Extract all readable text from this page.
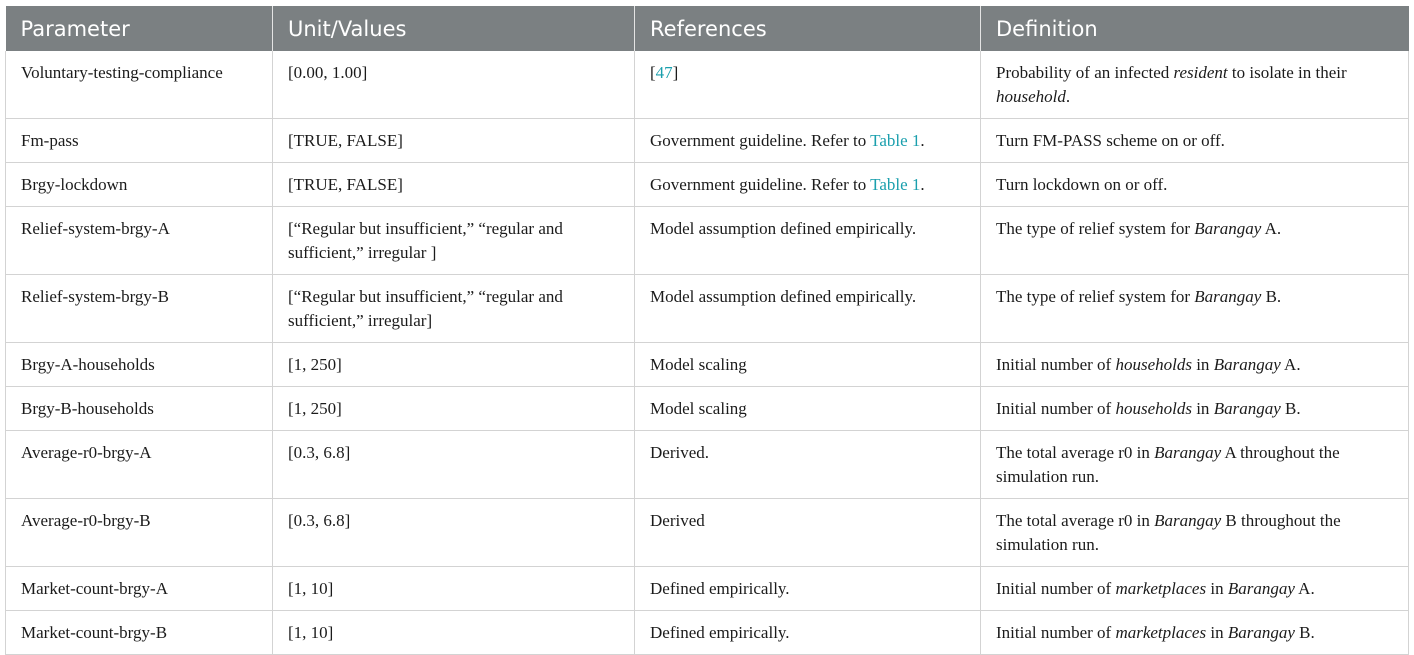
Parameter	Unit/Values	References	Definition
Voluntary-testing-compliance	[0.00, 1.00]	[47]	Probability of an infected resident to isolate in their household.
Fm-pass	[TRUE, FALSE]	Government guideline. Refer to Table 1.	Turn FM-PASS scheme on or off.
Brgy-lockdown	[TRUE, FALSE]	Government guideline. Refer to Table 1.	Turn lockdown on or off.
Relief-system-brgy-A	[“Regular but insufficient,” “regular and sufficient,” irregular ]	Model assumption defined empirically.	The type of relief system for Barangay A.
Relief-system-brgy-B	[“Regular but insufficient,” “regular and sufficient,” irregular]	Model assumption defined empirically.	The type of relief system for Barangay B.
Brgy-A-households	[1, 250]	Model scaling	Initial number of households in Barangay A.
Brgy-B-households	[1, 250]	Model scaling	Initial number of households in Barangay B.
Average-r0-brgy-A	[0.3, 6.8]	Derived.	The total average r0 in Barangay A throughout the simulation run.
Average-r0-brgy-B	[0.3, 6.8]	Derived	The total average r0 in Barangay B throughout the simulation run.
Market-count-brgy-A	[1, 10]	Defined empirically.	Initial number of marketplaces in Barangay A.
Market-count-brgy-B	[1, 10]	Defined empirically.	Initial number of marketplaces in Barangay B.
